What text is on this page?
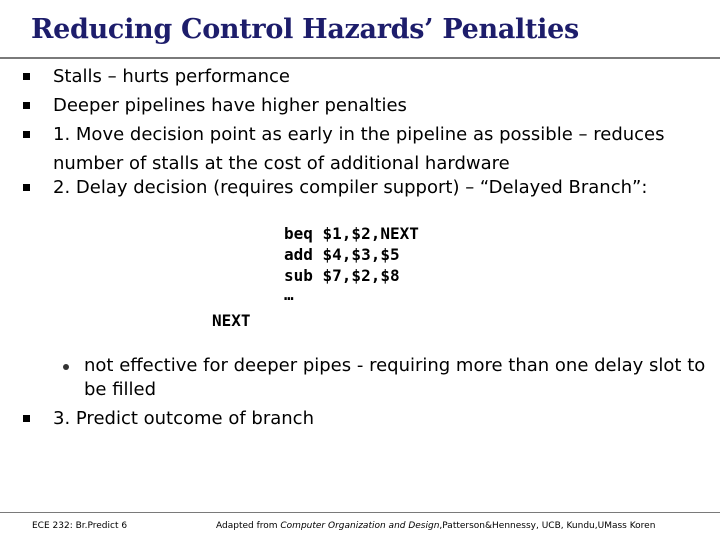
Reducing Control Hazards’ Penalties
Stalls – hurts performance
Deeper pipelines have higher penalties
1. Move decision point as early in the pipeline as possible – reduces number of stalls at the cost of additional hardware
2. Delay decision (requires compiler support) – “Delayed Branch”:
beq $1,$2,NEXT
add $4,$3,$5
sub $7,$2,$8
…
NEXT
not effective for deeper pipes - requiring more than one delay slot to be filled
3. Predict outcome of branch
ECE 232: Br.Predict 6	Adapted from Computer Organization and Design,Patterson&Hennessy, UCB, Kundu,UMass Koren
